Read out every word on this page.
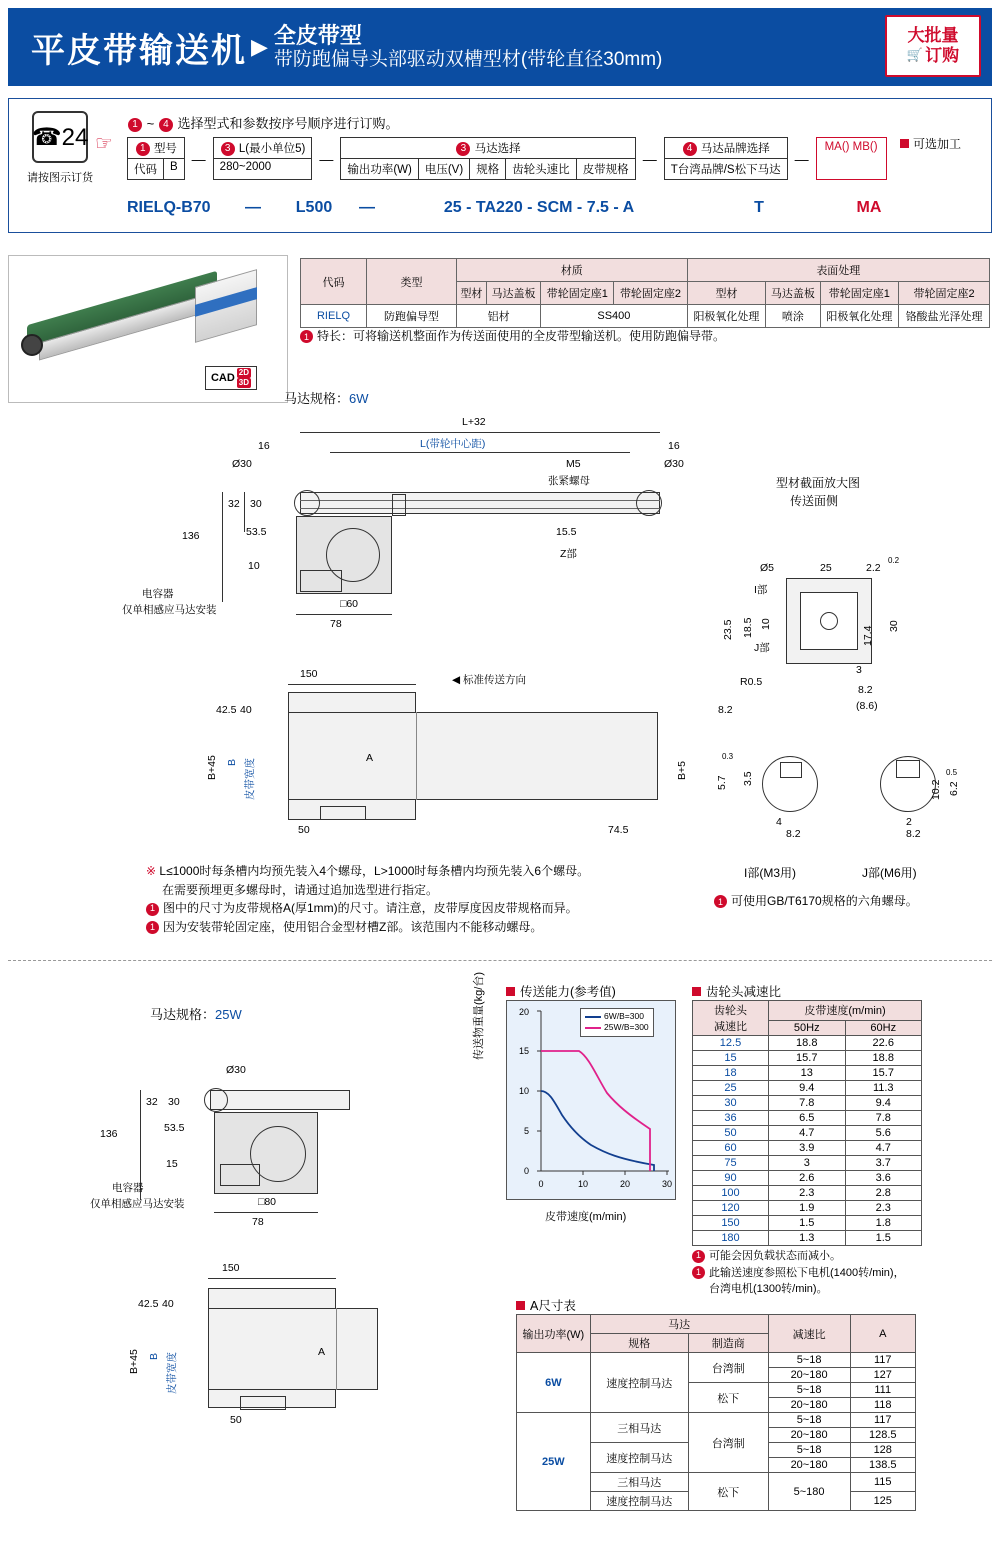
平皮带输送机 ▶ 全皮带型
带防跑偏导头部驱动双槽型材(带轮直径30mm)
大批量
🛒 订购
☎24
请按图示订货
☞
1 ~ 4 选择型式和参数按序号顺序进行订购。
可选加工
1 型号
代码	B
—
3 L(最小单位5)
280~2000
—
3 马达选择
输出功率(W)	电压(V)	规格	齿轮头速比	皮带规格
—
4 马达品牌选择
T台湾品牌/S松下马达
—
MA() MB()
RIELQ-B70	—	L500	—	25 - TA220 - SCM - 7.5 - A	T	MA
CAD 2D
3D
代码	类型	材质				表面处理			
		型材	马达盖板	带轮固定座1	带轮固定座2	型材	马达盖板	带轮固定座1	带轮固定座2
RIELQ	防跑偏导型	铝材		SS400		阳极氧化处理	喷涂	阳极氧化处理	铬酸盐光泽处理
1 特长：可将输送机整面作为传送面使用的全皮带型输送机。使用防跑偏导带。
马达规格：6W
L+32
L(带轮中心距)
16	16
Ø30	Ø30
M5
张紧螺母
32 30
53.5
136
10
□60
78
15.5
Z部
电容器
仅单相感应马达安装
150	◀ 标准传送方向
42.5 40
B+45 B 皮带宽度	A
B+5
50	74.5
型材截面放大图
传送面侧
Ø5	25	2.2
0.2
I部
J部
23.5 18.5 10
17.4 30
R0.5
3
8.2
8.2	(8.6)
5.7
0.3
3.5
4
8.2
10.2
0.5
6.2
2
8.2
I部(M3用)	J部(M6用)
1 可使用GB/T6170规格的六角螺母。
※ L≤1000时每条槽内均预先装入4个螺母，L>1000时每条槽内均预先装入6个螺母。
在需要预埋更多螺母时，请通过追加选型进行指定。
1 图中的尺寸为皮带规格A(厚1mm)的尺寸。请注意，皮带厚度因皮带规格而异。
1 因为安装带轮固定座，使用铝合金型材槽Z部。该范围内不能移动螺母。
马达规格：25W
Ø30
32 30
53.5
136
15
□80
78
电容器
仅单相感应马达安装
150
42.5 40
B+45 B 皮带宽度	A
50
传送能力(参考值)
传送物重量(kg/台)
0
5
10
15
20
0	10	20	30
6W/B=300
25W/B=300
皮带速度(m/min)
齿轮头减速比
齿轮头
减速比	皮带速度(m/min)	
	50Hz	60Hz
12.5	18.8	22.6
15	15.7	18.8
18	13	15.7
25	9.4	11.3
30	7.8	9.4
36	6.5	7.8
50	4.7	5.6
60	3.9	4.7
75	3	3.7
90	2.6	3.6
100	2.3	2.8
120	1.9	2.3
150	1.5	1.8
180	1.3	1.5
1 可能会因负载状态而减小。
1 此输送速度参照松下电机(1400转/min)，
台湾电机(1300转/min)。
A尺寸表
输出功率(W)	马达		减速比	A
	规格	制造商		
6W	速度控制马达	台湾制	5~18	117
			20~180	127
		松下	5~18	111
			20~180	118
25W	三相马达	台湾制	5~18	117
			20~180	128.5
	速度控制马达		5~18	128
			20~180	138.5
	三相马达	松下	5~180	115
	速度控制马达			125
